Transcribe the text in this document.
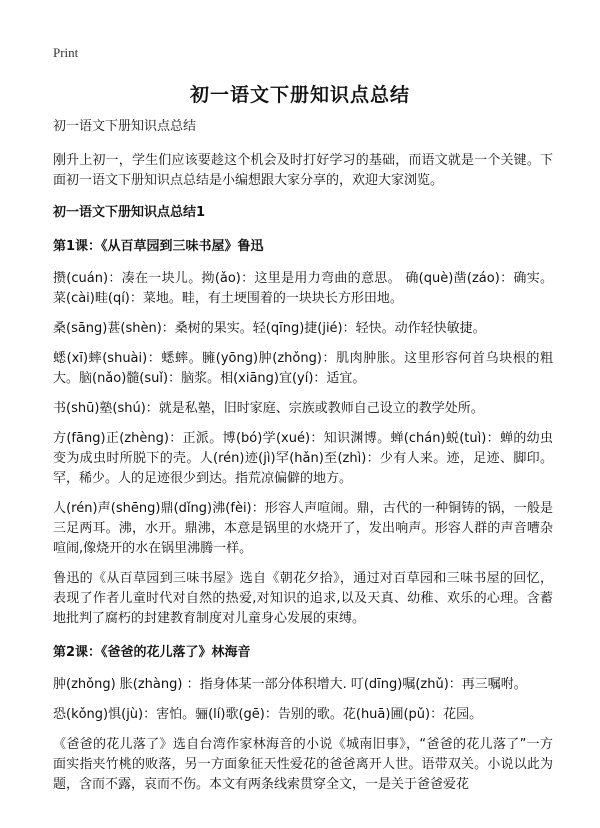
Print
初一语文下册知识点总结

初一语文下册知识点总结

刚升上初一，学生们应该要趁这个机会及时打好学习的基础，而语文就是一个关键。下面初一语文下册知识点总结是小编想跟大家分享的，欢迎大家浏览。

初一语文下册知识点总结1

第1课：《从百草园到三味书屋》鲁迅

攒(cuán)：凑在一块儿。拗(ǎo)：这里是用力弯曲的意思。 确(què)凿(záo)：确实。菜(cài)畦(qí)：菜地。畦，有土埂围着的一块块长方形田地。

桑(sāng)葚(shèn)：桑树的果实。轻(qīng)捷(jié)：轻快。动作轻快敏捷。

蟋(xī)蟀(shuài)：蟋蟀。臃(yōng)肿(zhǒng)：肌肉肿胀。这里形容何首乌块根的粗大。脑(nǎo)髓(suǐ)：脑浆。相(xiāng)宜(yí)：适宜。

书(shū)塾(shú)：就是私塾，旧时家庭、宗族或教师自己设立的教学处所。

方(fāng)正(zhèng)：正派。博(bó)学(xué)：知识渊博。蝉(chán)蜕(tuì)：蝉的幼虫变为成虫时所脱下的壳。人(rén)迹(jì)罕(hǎn)至(zhì)：少有人来。迹，足迹、脚印。罕，稀少。人的足迹很少到达。指荒凉偏僻的地方。

人(rén)声(shēng)鼎(dǐng)沸(fèi)：形容人声喧闹。鼎，古代的一种铜铸的锅，一般是三足两耳。沸，水开。鼎沸，本意是锅里的水烧开了，发出响声。形容人群的声音嘈杂喧闹,像烧开的水在锅里沸腾一样。

鲁迅的《从百草园到三味书屋》选自《朝花夕拾》，通过对百草园和三味书屋的回忆，表现了作者儿童时代对自然的热爱,对知识的追求,以及天真、幼稚、欢乐的心理。含蓄地批判了腐朽的封建教育制度对儿童身心发展的束缚。

第2课：《爸爸的花儿落了》林海音

肿(zhǒng) 胀(zhàng) ：指身体某一部分体积增大. 叮(dīng)嘱(zhǔ)：再三嘱咐。

恐(kǒng)惧(jù)：害怕。骊(lí)歌(gē)：告别的歌。花(huā)圃(pǔ)：花园。

《爸爸的花儿落了》选自台湾作家林海音的小说《城南旧事》，“爸爸的花儿落了”一方面实指夹竹桃的败落，另一方面象征天性爱花的爸爸离开人世。语带双关。小说以此为题，含而不露，哀而不伤。本文有两条线索贯穿全文，一是关于爸爸爱花
